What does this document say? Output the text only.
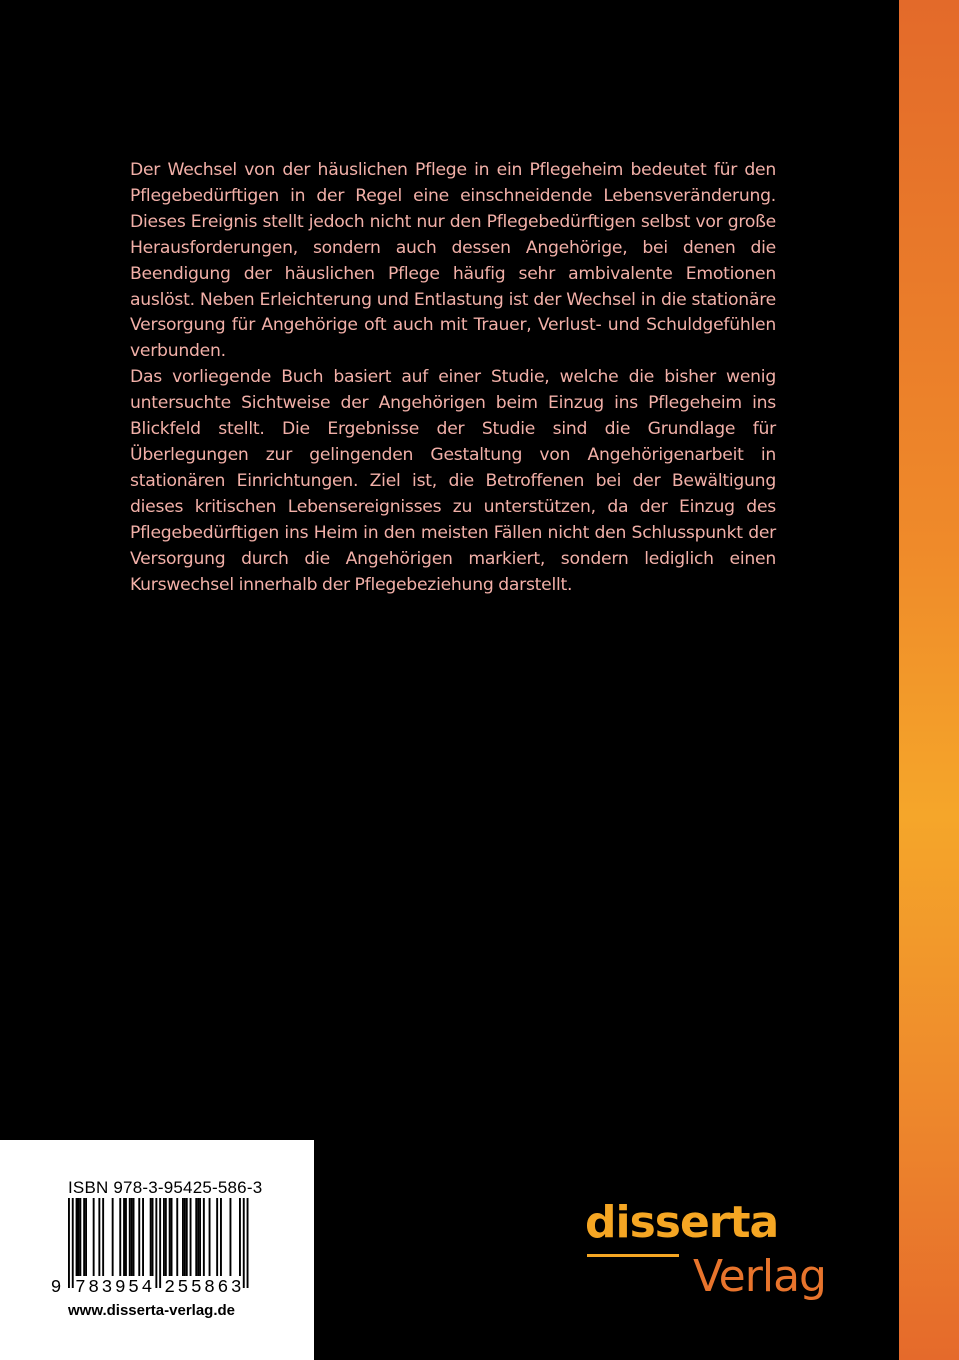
Der Wechsel von der häuslichen Pflege in ein Pflegeheim bedeutet für den Pflegebedürftigen in der Regel eine einschneidende Lebensveränderung. Dieses Ereignis stellt jedoch nicht nur den Pflegebedürftigen selbst vor große Herausforderungen, sondern auch dessen Angehörige, bei denen die Beendigung der häuslichen Pflege häufig sehr ambivalente Emotionen auslöst. Neben Erleichterung und Entlastung ist der Wechsel in die stationäre Versorgung für Angehörige oft auch mit Trauer, Verlust- und Schuldgefühlen verbunden.

Das vorliegende Buch basiert auf einer Studie, welche die bisher wenig untersuchte Sichtweise der Angehörigen beim Einzug ins Pflegeheim ins Blickfeld stellt. Die Ergebnisse der Studie sind die Grundlage für Überlegungen zur gelingenden Gestaltung von Angehörigenarbeit in stationären Einrichtungen. Ziel ist, die Betroffenen bei der Bewältigung dieses kritischen Lebensereignisses zu unterstützen, da der Einzug des Pflegebedürftigen ins Heim in den meisten Fällen nicht den Schlusspunkt der Versorgung durch die Angehörigen markiert, sondern lediglich einen Kurswechsel innerhalb der Pflegebeziehung darstellt.

ISBN 978-3-95425-586-3
9 7 8 3 9 5 4 2 5 5 8 6 3
www.disserta-verlag.de
disserta
Verlag
